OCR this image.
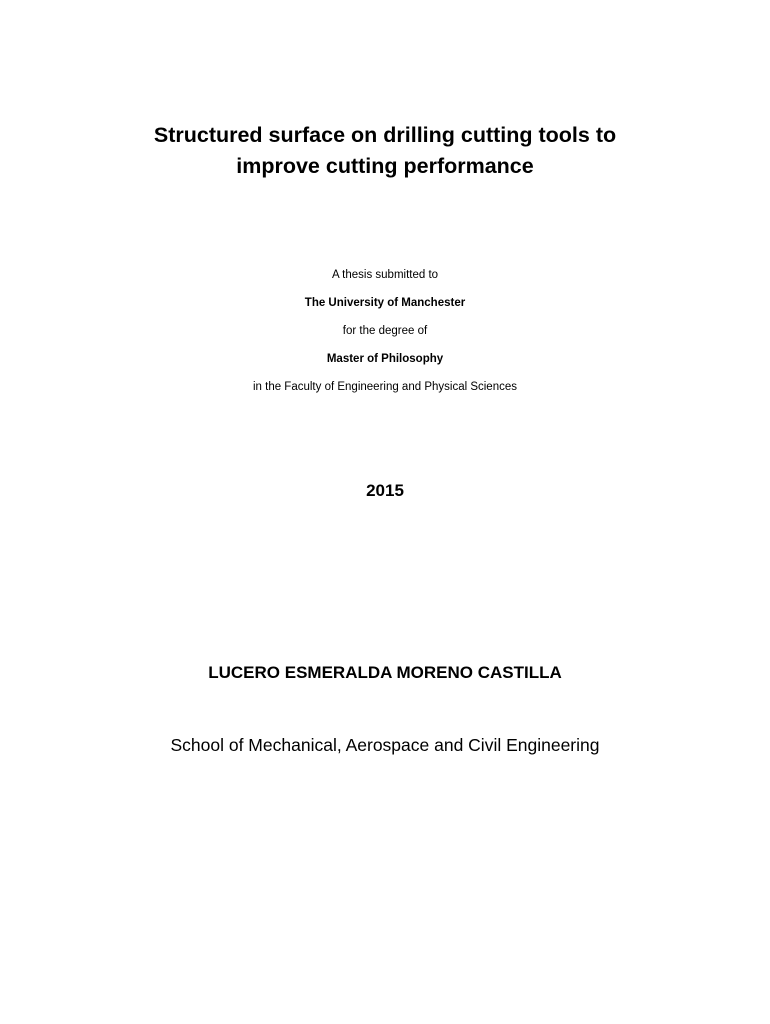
Structured surface on drilling cutting tools to
improve cutting performance

A thesis submitted to

The University of Manchester

for the degree of

Master of Philosophy

in the Faculty of Engineering and Physical Sciences

2015

LUCERO ESMERALDA MORENO CASTILLA

School of Mechanical, Aerospace and Civil Engineering
